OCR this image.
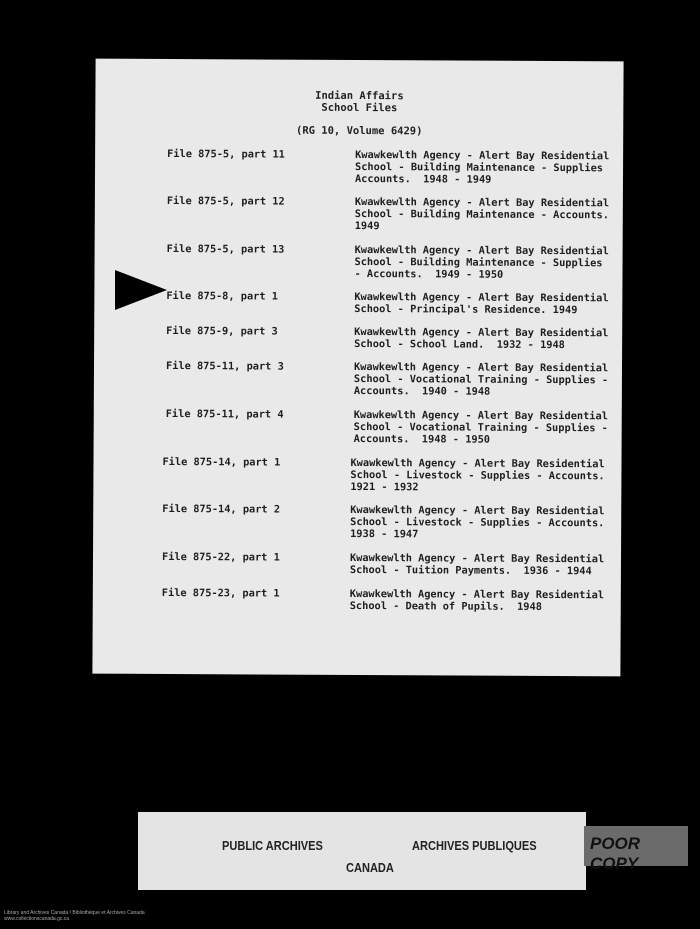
Indian Affairs
School Files
(RG 10, Volume 6429)
File 875-5, part 11	Kwawkewlth Agency - Alert Bay Residential
School - Building Maintenance - Supplies
Accounts.  1948 - 1949
File 875-5, part 12	Kwawkewlth Agency - Alert Bay Residential
School - Building Maintenance - Accounts.
1949
File 875-5, part 13	Kwawkewlth Agency - Alert Bay Residential
School - Building Maintenance - Supplies
- Accounts.  1949 - 1950
File 875-8, part 1	Kwawkewlth Agency - Alert Bay Residential
School - Principal's Residence. 1949
File 875-9, part 3	Kwawkewlth Agency - Alert Bay Residential
School - School Land.  1932 - 1948
File 875-11, part 3	Kwawkewlth Agency - Alert Bay Residential
School - Vocational Training - Supplies -
Accounts.  1940 - 1948
File 875-11, part 4	Kwawkewlth Agency - Alert Bay Residential
School - Vocational Training - Supplies -
Accounts.  1948 - 1950
File 875-14, part 1	Kwawkewlth Agency - Alert Bay Residential
School - Livestock - Supplies - Accounts.
1921 - 1932
File 875-14, part 2	Kwawkewlth Agency - Alert Bay Residential
School - Livestock - Supplies - Accounts.
1938 - 1947
File 875-22, part 1	Kwawkewlth Agency - Alert Bay Residential
School - Tuition Payments.  1936 - 1944
File 875-23, part 1	Kwawkewlth Agency - Alert Bay Residential
School - Death of Pupils.  1948
PUBLIC ARCHIVES	ARCHIVES PUBLIQUES
CANADA
POOR COPY
Library and Archives Canada / Bibliothèque et Archives Canada
www.collectionscanada.gc.ca
